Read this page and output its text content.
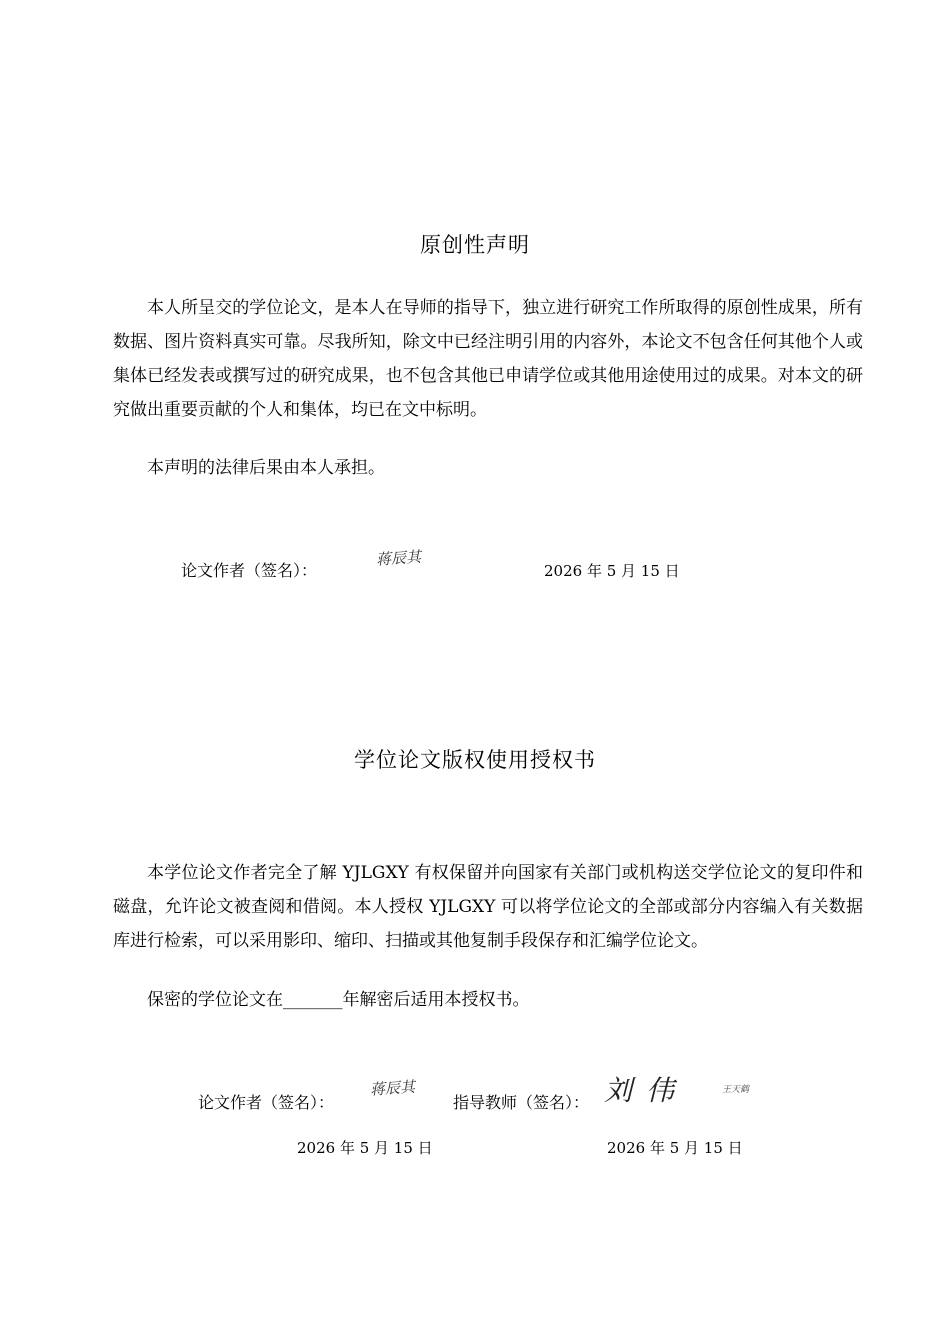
原创性声明

本人所呈交的学位论文，是本人在导师的指导下，独立进行研究工作所取得的原创性成果，所有数据、图片资料真实可靠。尽我所知，除文中已经注明引用的内容外，本论文不包含任何其他个人或集体已经发表或撰写过的研究成果，也不包含其他已申请学位或其他用途使用过的成果。对本文的研究做出重要贡献的个人和集体，均已在文中标明。

本声明的法律后果由本人承担。

论文作者（签名）：

蒋辰其

2026 年 5 月 15 日

学位论文版权使用授权书

本学位论文作者完全了解 YJLGXY 有权保留并向国家有关部门或机构送交学位论文的复印件和磁盘，允许论文被查阅和借阅。本人授权 YJLGXY 可以将学位论文的全部或部分内容编入有关数据库进行检索，可以采用影印、缩印、扫描或其他复制手段保存和汇编学位论文。

保密的学位论文在_______年解密后适用本授权书。

论文作者（签名）：

蒋辰其

指导教师（签名）： 刘伟	王天鹤

2026 年 5 月 15 日	2026 年 5 月 15 日
